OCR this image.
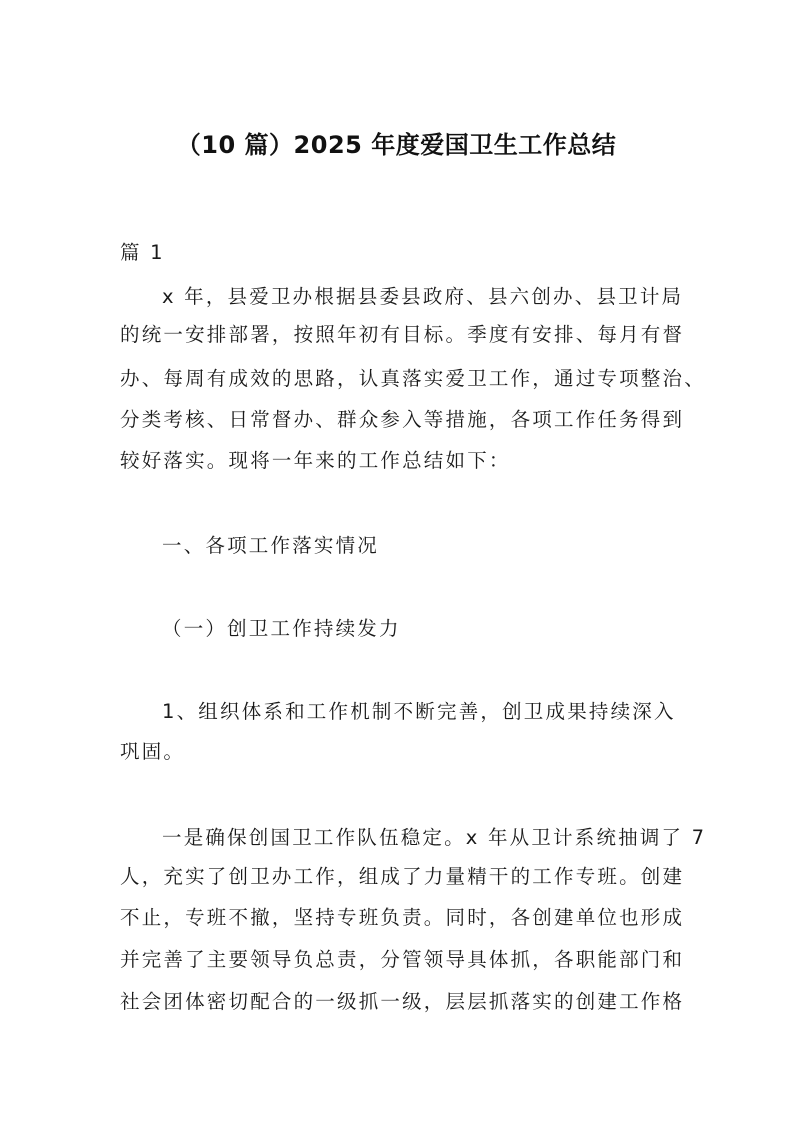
（10 篇）2025 年度爱国卫生工作总结
篇 1
x 年，县爱卫办根据县委县政府、县六创办、县卫计局
的统一安排部署，按照年初有目标。季度有安排、每月有督
办、每周有成效的思路，认真落实爱卫工作，通过专项整治、
分类考核、日常督办、群众参入等措施，各项工作任务得到
较好落实。现将一年来的工作总结如下：
一、各项工作落实情况
（一）创卫工作持续发力
1、组织体系和工作机制不断完善，创卫成果持续深入
巩固。
一是确保创国卫工作队伍稳定。x 年从卫计系统抽调了 7
人，充实了创卫办工作，组成了力量精干的工作专班。创建
不止，专班不撤，坚持专班负责。同时，各创建单位也形成
并完善了主要领导负总责，分管领导具体抓，各职能部门和
社会团体密切配合的一级抓一级，层层抓落实的创建工作格
